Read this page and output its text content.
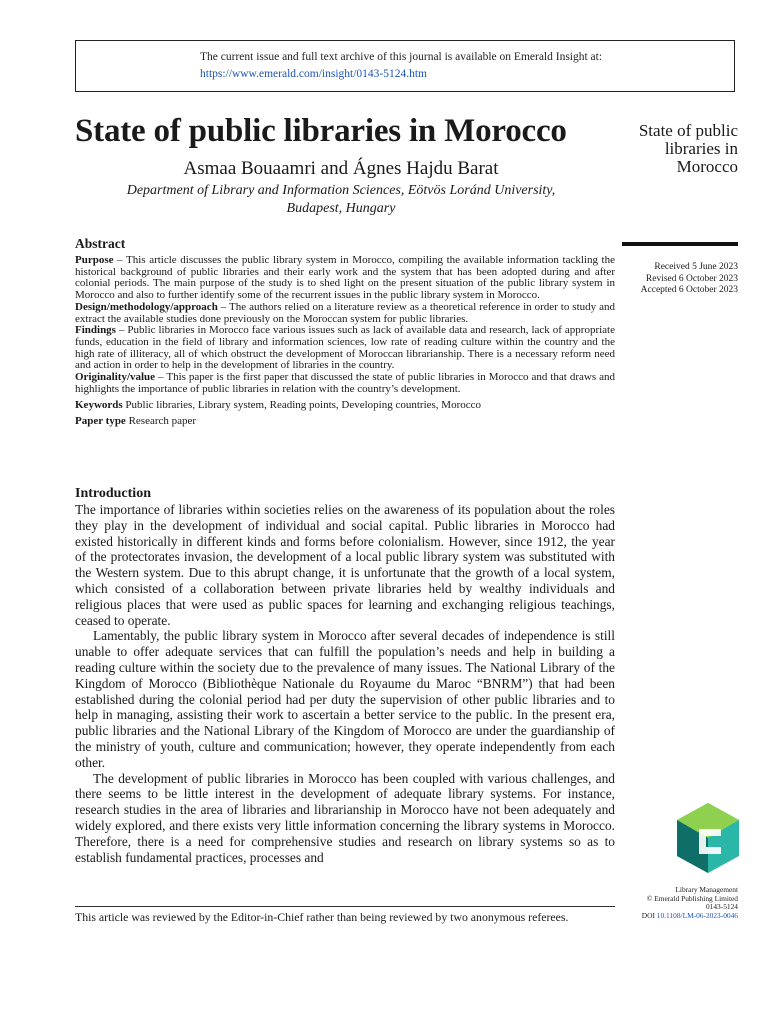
The current issue and full text archive of this journal is available on Emerald Insight at:
https://www.emerald.com/insight/0143-5124.htm
State of public libraries in Morocco
Asmaa Bouaamri and Ágnes Hajdu Barat
Department of Library and Information Sciences, Eötvös Loránd University,
Budapest, Hungary
State of public
libraries in
Morocco
Received 5 June 2023
Revised 6 October 2023
Accepted 6 October 2023
Abstract

Purpose – This article discusses the public library system in Morocco, compiling the available information tackling the historical background of public libraries and their early work and the system that has been adopted during and after colonial periods. The main purpose of the study is to shed light on the present situation of the public library system in Morocco and also to further identify some of the recurrent issues in the public library system in Morocco.

Design/methodology/approach – The authors relied on a literature review as a theoretical reference in order to study and extract the available studies done previously on the Moroccan system for public libraries.

Findings – Public libraries in Morocco face various issues such as lack of available data and research, lack of appropriate funds, education in the field of library and information sciences, low rate of reading culture within the country and the high rate of illiteracy, all of which obstruct the development of Moroccan librarianship. There is a necessary reform need and action in order to help in the development of libraries in the country.

Originality/value – This paper is the first paper that discussed the state of public libraries in Morocco and that draws and highlights the importance of public libraries in relation with the country’s development.

Keywords Public libraries, Library system, Reading points, Developing countries, Morocco

Paper type Research paper

Introduction

The importance of libraries within societies relies on the awareness of its population about the roles they play in the development of individual and social capital. Public libraries in Morocco had existed historically in different kinds and forms before colonialism. However, since 1912, the year of the protectorates invasion, the development of a local public library system was substituted with the Western system. Due to this abrupt change, it is unfortunate that the growth of a local system, which consisted of a collaboration between private libraries held by wealthy individuals and religious places that were used as public spaces for learning and exchanging religious teachings, ceased to operate.

Lamentably, the public library system in Morocco after several decades of independence is still unable to offer adequate services that can fulfill the population’s needs and help in building a reading culture within the society due to the prevalence of many issues. The National Library of the Kingdom of Morocco (Bibliothèque Nationale du Royaume du Maroc “BNRM”) that had been established during the colonial period had per duty the supervision of other public libraries and to help in managing, assisting their work to ascertain a better service to the public. In the present era, public libraries and the National Library of the Kingdom of Morocco are under the guardianship of the ministry of youth, culture and communication; however, they operate independently from each other.

The development of public libraries in Morocco has been coupled with various challenges, and there seems to be little interest in the development of adequate library systems. For instance, research studies in the area of libraries and librarianship in Morocco have not been adequately and widely explored, and there exists very little information concerning the library systems in Morocco. Therefore, there is a need for comprehensive studies and research on library systems so as to establish fundamental practices, processes and

This article was reviewed by the Editor-in-Chief rather than being reviewed by two anonymous referees.
Library Management
© Emerald Publishing Limited
0143-5124
DOI 10.1108/LM-06-2023-0046
